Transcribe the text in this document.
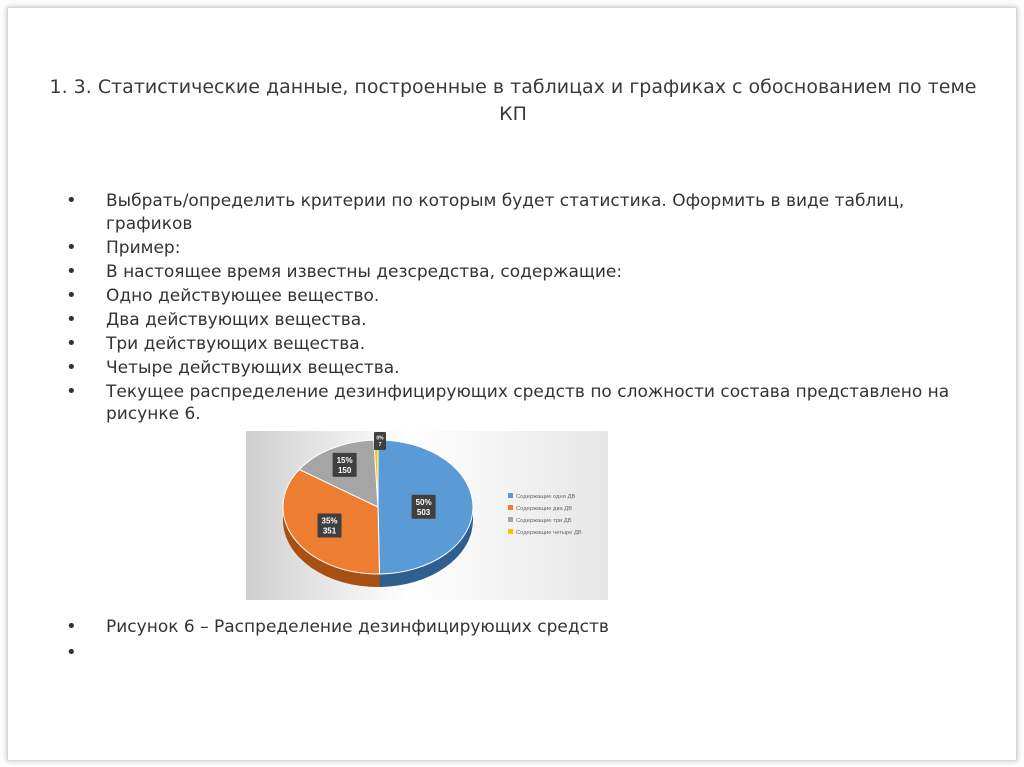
1. 3. Статистические данные, построенные в таблицах и графиках с обоснованием по теме КП
• Выбрать/определить критерии по которым будет статистика. Оформить в виде таблиц, графиков
• Пример:
• В настоящее время известны дезсредства, содержащие:
• Одно действующее вещество.
• Два действующих вещества.
• Три действующих вещества.
• Четыре действующих вещества.
• Текущее распределение дезинфицирующих средств по сложности состава представлено на рисунке 6.
50%
503
35%
351
15%
150
0%
7
Содержащие одно ДВ
Содержащие два ДВ
Содержащие три ДВ
Содержащие четыре ДВ
• Рисунок 6 – Распределение дезинфицирующих средств
•
